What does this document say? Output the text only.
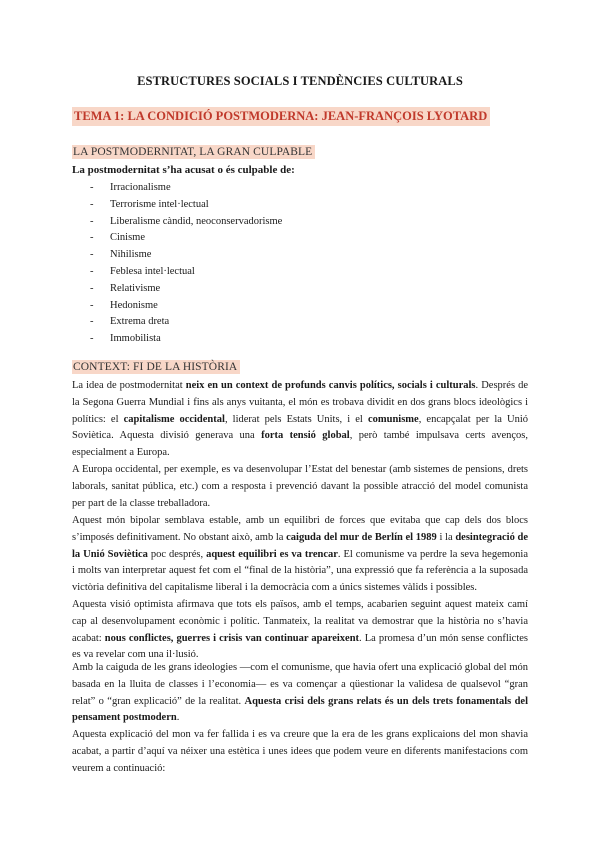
ESTRUCTURES SOCIALS I TENDÈNCIES CULTURALS
TEMA 1: LA CONDICIÓ POSTMODERNA: JEAN-FRANÇOIS LYOTARD
LA POSTMODERNITAT, LA GRAN CULPABLE
La postmodernitat s’ha acusat o és culpable de:
- Irracionalisme
- Terrorisme intel·lectual
- Liberalisme càndid, neoconservadorisme
- Cinisme
- Nihilisme
- Feblesa intel·lectual
- Relativisme
- Hedonisme
- Extrema dreta
- Immobilista
CONTEXT: FI DE LA HISTÒRIA

La idea de postmodernitat neix en un context de profunds canvis polítics, socials i culturals. Després de la Segona Guerra Mundial i fins als anys vuitanta, el món es trobava dividit en dos grans blocs ideològics i polítics: el capitalisme occidental, liderat pels Estats Units, i el comunisme, encapçalat per la Unió Soviètica. Aquesta divisió generava una forta tensió global, però també impulsava certs avenços, especialment a Europa.

A Europa occidental, per exemple, es va desenvolupar l’Estat del benestar (amb sistemes de pensions, drets laborals, sanitat pública, etc.) com a resposta i prevenció davant la possible atracció del model comunista per part de la classe treballadora.

Aquest món bipolar semblava estable, amb un equilibri de forces que evitaba que cap dels dos blocs s’imposés definitivament. No obstant això, amb la caiguda del mur de Berlín el 1989 i la desintegració de la Unió Soviètica poc després, aquest equilibri es va trencar. El comunisme va perdre la seva hegemonia i molts van interpretar aquest fet com el “final de la història”, una expressió que fa referència a la suposada victòria definitiva del capitalisme liberal i la democràcia com a únics sistemes vàlids i possibles.

Aquesta visió optimista afirmava que tots els països, amb el temps, acabarien seguint aquest mateix camí cap al desenvolupament econòmic i polític. Tanmateix, la realitat va demostrar que la història no s’havia acabat: nous conflictes, guerres i crisis van continuar apareixent. La promesa d’un món sense conflictes es va revelar com una il·lusió.

Amb la caiguda de les grans ideologies —com el comunisme, que havia ofert una explicació global del món basada en la lluita de classes i l’economia— es va començar a qüestionar la validesa de qualsevol “gran relat” o “gran explicació” de la realitat. Aquesta crisi dels grans relats és un dels trets fonamentals del pensament postmodern.

Aquesta explicació del mon va fer fallida i es va creure que la era de les grans explicaions del mon shavia acabat, a partir d’aquí va néixer una estètica i unes idees que podem veure en diferents manifestacions com veurem a continuació:
